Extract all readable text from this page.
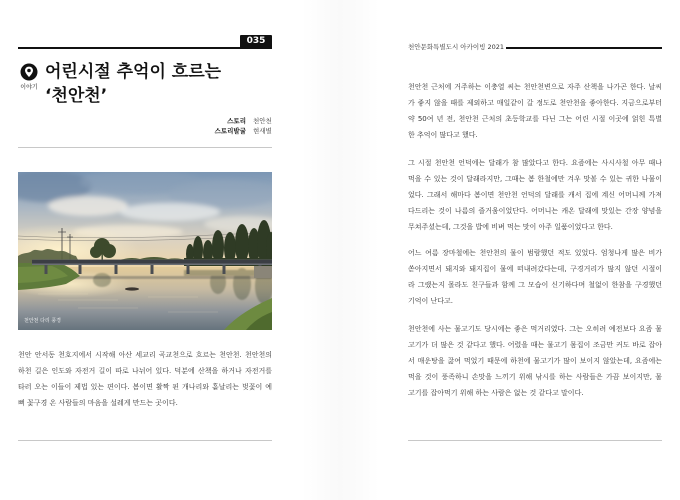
035
이야기
어린시절 추억이 흐르는
‘천안천’
스토리 천안천
스토리발굴 현새별
천안천 다리 풍경
천안 안서동 천호지에서 시작해 아산 세교리 곡교천으로 흐르는 천안천. 천안천의
하천 길은 인도와 자전거 길이 따로 나뉘어 있다. 덕분에 산책을 하거나 자전거를
타러 오는 이들이 제법 있는 편이다. 봄이면 활짝 핀 개나리와 흩날리는 벚꽃이 예
뻐 꽃구경 온 사람들의 마음을 설레게 만드는 곳이다.
천안문화특별도시 아카이빙 2021
천안천 근처에 거주하는 이충열 씨는 천안천변으로 자주 산책을 나가곤 한다. 날씨
가 좋지 않을 때를 제외하고 매일같이 갈 정도로 천안천을 좋아한다. 지금으로부터
약 50여 년 전, 천안천 근처의 초등학교를 다닌 그는 어린 시절 이곳에 얽힌 특별
한 추억이 많다고 했다.
그 시절 천안천 언덕에는 달래가 참 많았다고 한다. 요즘에는 사시사철 아무 때나
먹을 수 있는 것이 달래라지만, 그때는 봄 한철에만 겨우 맛볼 수 있는 귀한 나물이
었다. 그래서 해마다 봄이면 천안천 언덕의 달래를 캐서 집에 계신 어머니께 가져
다드리는 것이 나름의 즐거움이었단다. 어머니는 캐온 달래에 맛있는 간장 양념을
무쳐주셨는데, 그것을 밥에 비벼 먹는 맛이 아주 일품이었다고 한다.
어느 여름 장마철에는 천안천의 물이 범람했던 적도 있었다. 엄청나게 많은 비가
쏟아지면서 돼지와 돼지집이 물에 떠내려갔다는데, 구경거리가 많지 않던 시절이
라 그랬는지 몰라도 친구들과 함께 그 모습이 신기하다며 철없이 한참을 구경했던
기억이 난다고.
천안천에 사는 물고기도 당시에는 좋은 먹거리였다. 그는 오히려 예전보다 요즘 물
고기가 더 많은 것 같다고 했다. 어렸을 때는 물고기 몸집이 조금만 커도 바로 잡아
서 매운탕을 끓여 먹었기 때문에 하천에 물고기가 많이 보이지 않았는데, 요즘에는
먹을 것이 풍족하니 손맛을 느끼기 위해 낚시를 하는 사람들은 가끔 보이지만, 물
고기를 잡아먹기 위해 하는 사람은 없는 것 같다고 말이다.
